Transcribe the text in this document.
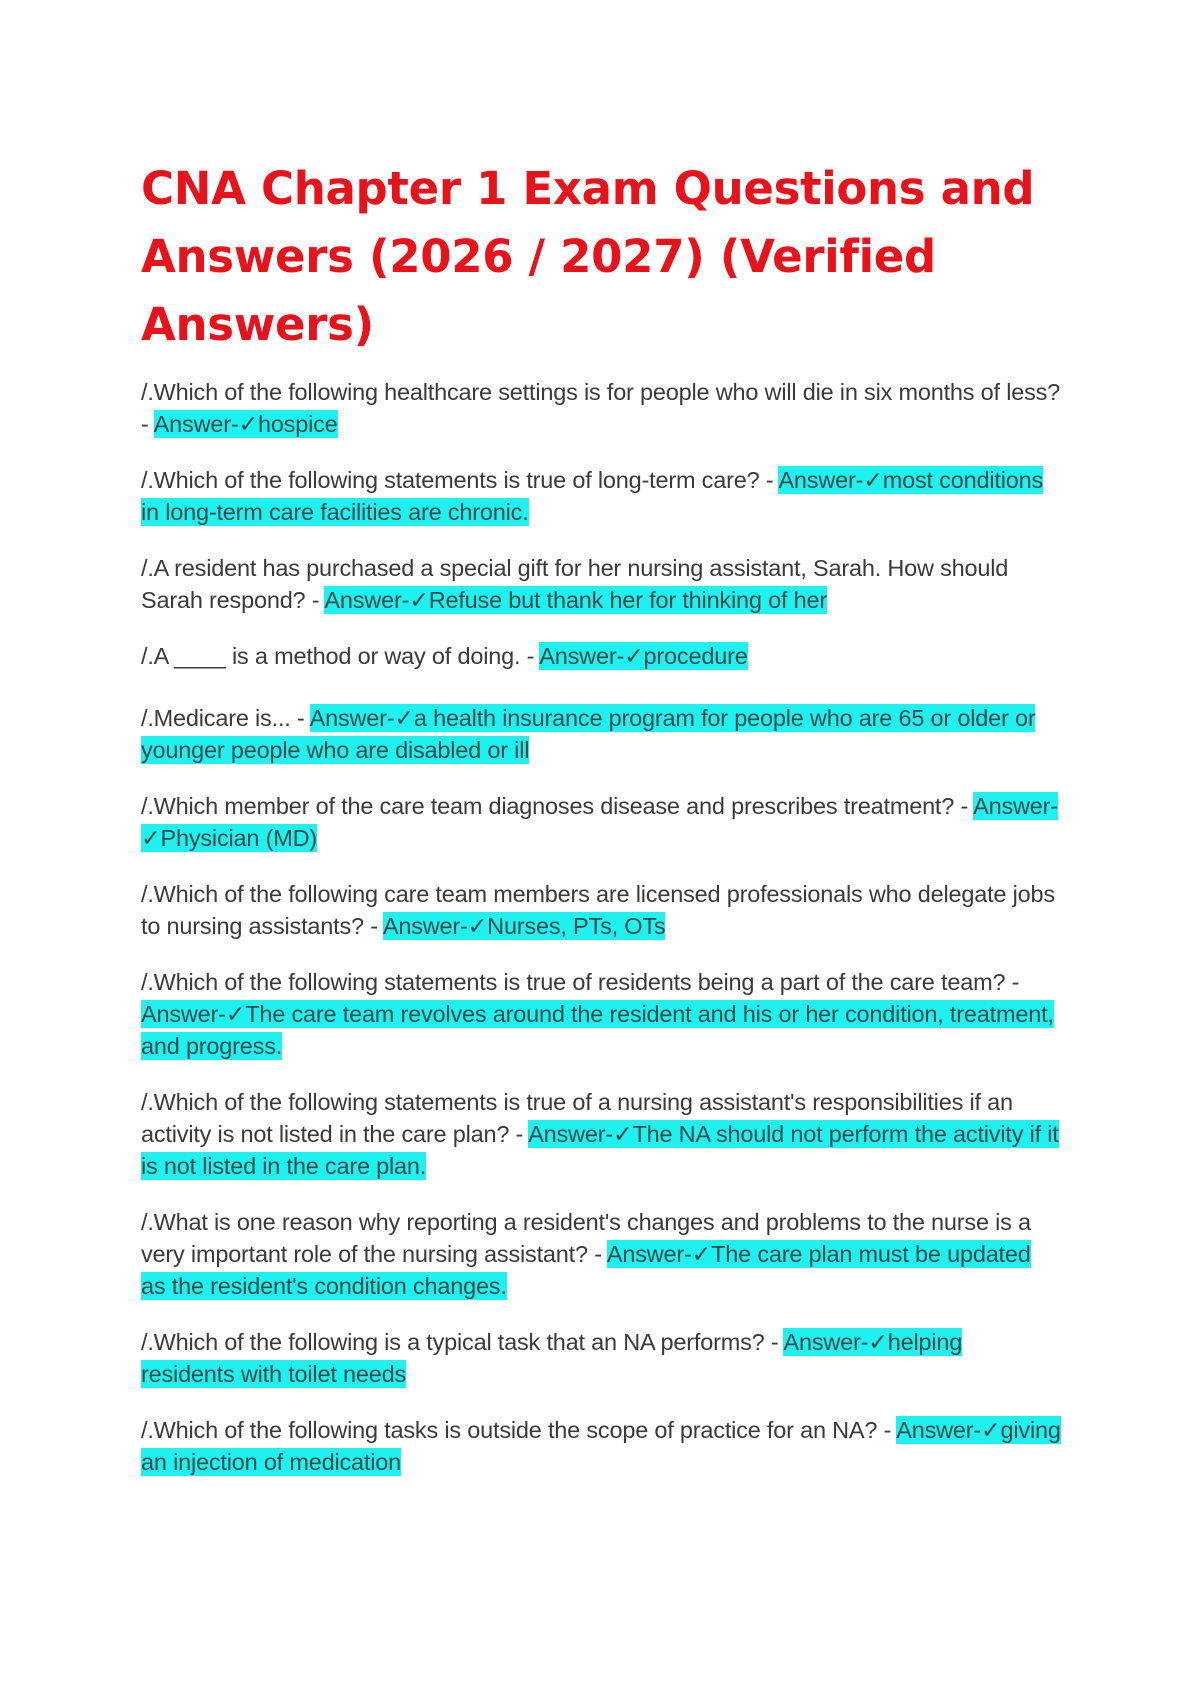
CNA Chapter 1 Exam Questions and Answers (2026 / 2027) (Verified Answers)
/.Which of the following healthcare settings is for people who will die in six months of less? - Answer-✓hospice
/.Which of the following statements is true of long-term care? - Answer-✓most conditions in long-term care facilities are chronic.
/.A resident has purchased a special gift for her nursing assistant, Sarah. How should Sarah respond? - Answer-✓Refuse but thank her for thinking of her
/.A ____ is a method or way of doing. - Answer-✓procedure
/.Medicare is... - Answer-✓a health insurance program for people who are 65 or older or younger people who are disabled or ill
/.Which member of the care team diagnoses disease and prescribes treatment? - Answer-✓Physician (MD)
/.Which of the following care team members are licensed professionals who delegate jobs to nursing assistants? - Answer-✓Nurses, PTs, OTs
/.Which of the following statements is true of residents being a part of the care team? - Answer-✓The care team revolves around the resident and his or her condition, treatment, and progress.
/.Which of the following statements is true of a nursing assistant's responsibilities if an activity is not listed in the care plan? - Answer-✓The NA should not perform the activity if it is not listed in the care plan.
/.What is one reason why reporting a resident's changes and problems to the nurse is a very important role of the nursing assistant? - Answer-✓The care plan must be updated as the resident's condition changes.
/.Which of the following is a typical task that an NA performs? - Answer-✓helping residents with toilet needs
/.Which of the following tasks is outside the scope of practice for an NA? - Answer-✓giving an injection of medication
